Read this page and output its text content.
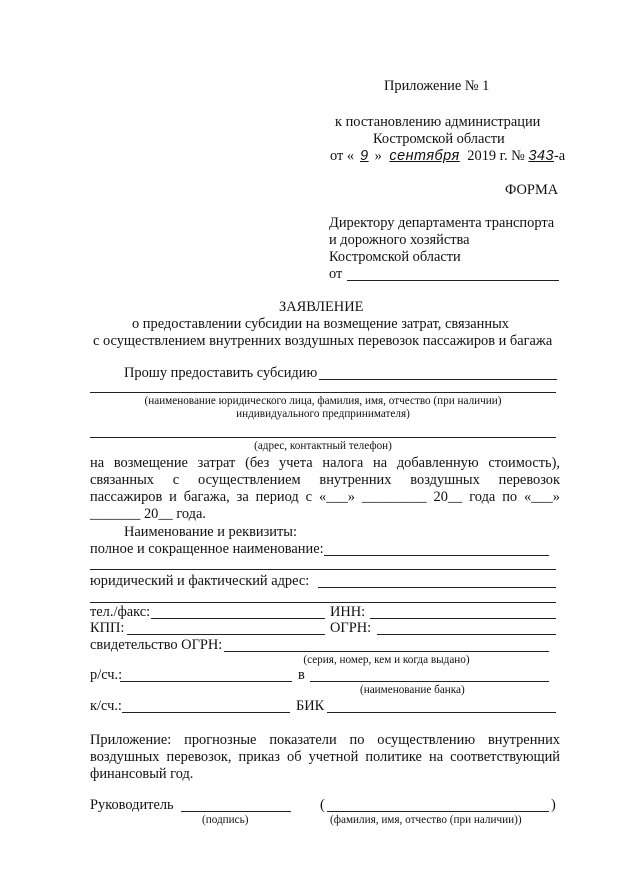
Приложение № 1
к постановлению администрации
Костромской области
от « 9 » сентября 2019 г. № 343-а
ФОРМА
Директору департамента транспорта
и дорожного хозяйства
Костромской области
от
ЗАЯВЛЕНИЕ
о предоставлении субсидии на возмещение затрат, связанных
с осуществлением внутренних воздушных перевозок пассажиров и багажа
Прошу предоставить субсидию
(наименование юридического лица, фамилия, имя, отчество (при наличии)
индивидуального предпринимателя)
(адрес, контактный телефон)
на возмещение затрат (без учета налога на добавленную стоимость),
связанных с осуществлением внутренних воздушных перевозок
пассажиров и багажа, за период с «___» _________ 20__ года по «___»
_______ 20__ года.
Наименование и реквизиты:
полное и сокращенное наименование:
юридический и фактический адрес:
тел./факс:	ИНН:
КПП:	ОГРН:
свидетельство ОГРН:
(серия, номер, кем и когда выдано)
р/сч.:	в
(наименование банка)
к/сч.:	БИК
Приложение: прогнозные показатели по осуществлению внутренних
воздушных перевозок, приказ об учетной политике на соответствующий
финансовый год.
Руководитель
(подпись)
(	)
(фамилия, имя, отчество (при наличии))
